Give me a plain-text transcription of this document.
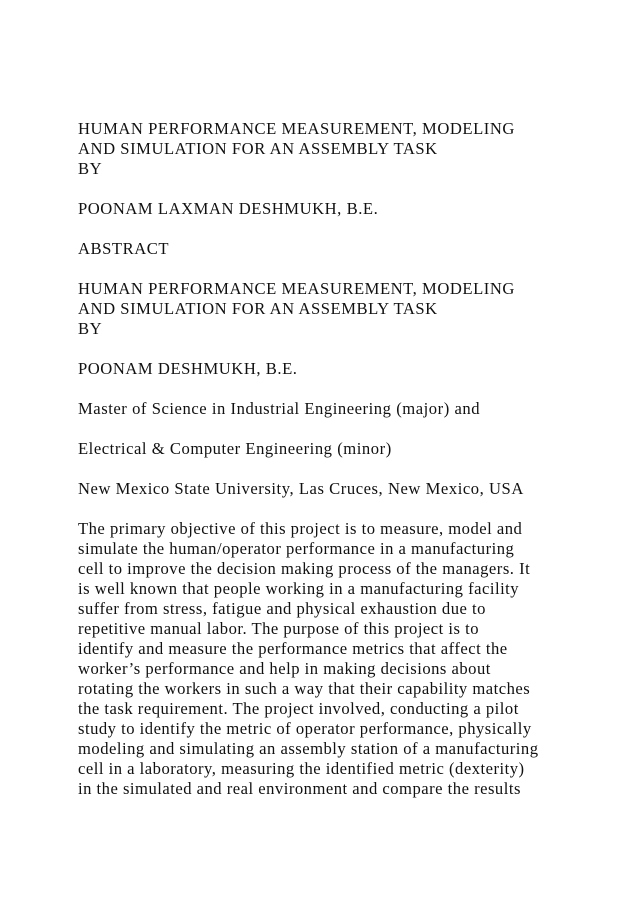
HUMAN PERFORMANCE MEASUREMENT, MODELING
AND SIMULATION FOR AN ASSEMBLY TASK
BY
POONAM LAXMAN DESHMUKH, B.E.
ABSTRACT
HUMAN PERFORMANCE MEASUREMENT, MODELING
AND SIMULATION FOR AN ASSEMBLY TASK
BY
POONAM DESHMUKH, B.E.
Master of Science in Industrial Engineering (major) and
Electrical & Computer Engineering (minor)
New Mexico State University, Las Cruces, New Mexico, USA
The primary objective of this project is to measure, model and
simulate the human/operator performance in a manufacturing
cell to improve the decision making process of the managers. It
is well known that people working in a manufacturing facility
suffer from stress, fatigue and physical exhaustion due to
repetitive manual labor. The purpose of this project is to
identify and measure the performance metrics that affect the
worker’s performance and help in making decisions about
rotating the workers in such a way that their capability matches
the task requirement. The project involved, conducting a pilot
study to identify the metric of operator performance, physically
modeling and simulating an assembly station of a manufacturing
cell in a laboratory, measuring the identified metric (dexterity)
in the simulated and real environment and compare the results
